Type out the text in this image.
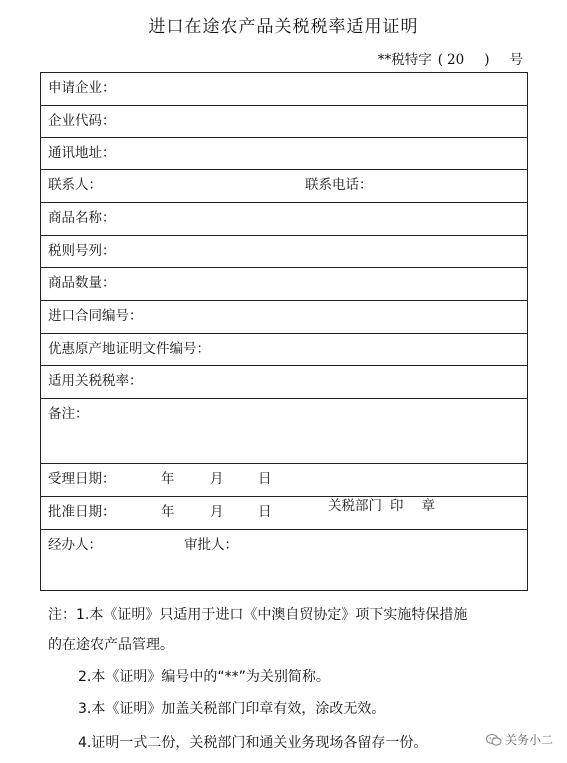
进口在途农产品关税税率适用证明
**税特字 ( 20 ) 号
申请企业：
企业代码：
通讯地址：
联系人：	联系电话：
商品名称：
税则号列：
商品数量：
进口合同编号：
优惠原产地证明文件编号：
适用关税税率：
备注：
受理日期：	年	月	日
批准日期：	年	月	日
经办人：	审批人：
关税部门 印 章
注：1.本《证明》只适用于进口《中澳自贸协定》项下实施特保措施
的在途农产品管理。
2.本《证明》编号中的“**”为关别简称。
3.本《证明》加盖关税部门印章有效，涂改无效。
4.证明一式二份，关税部门和通关业务现场各留存一份。	关务小二
